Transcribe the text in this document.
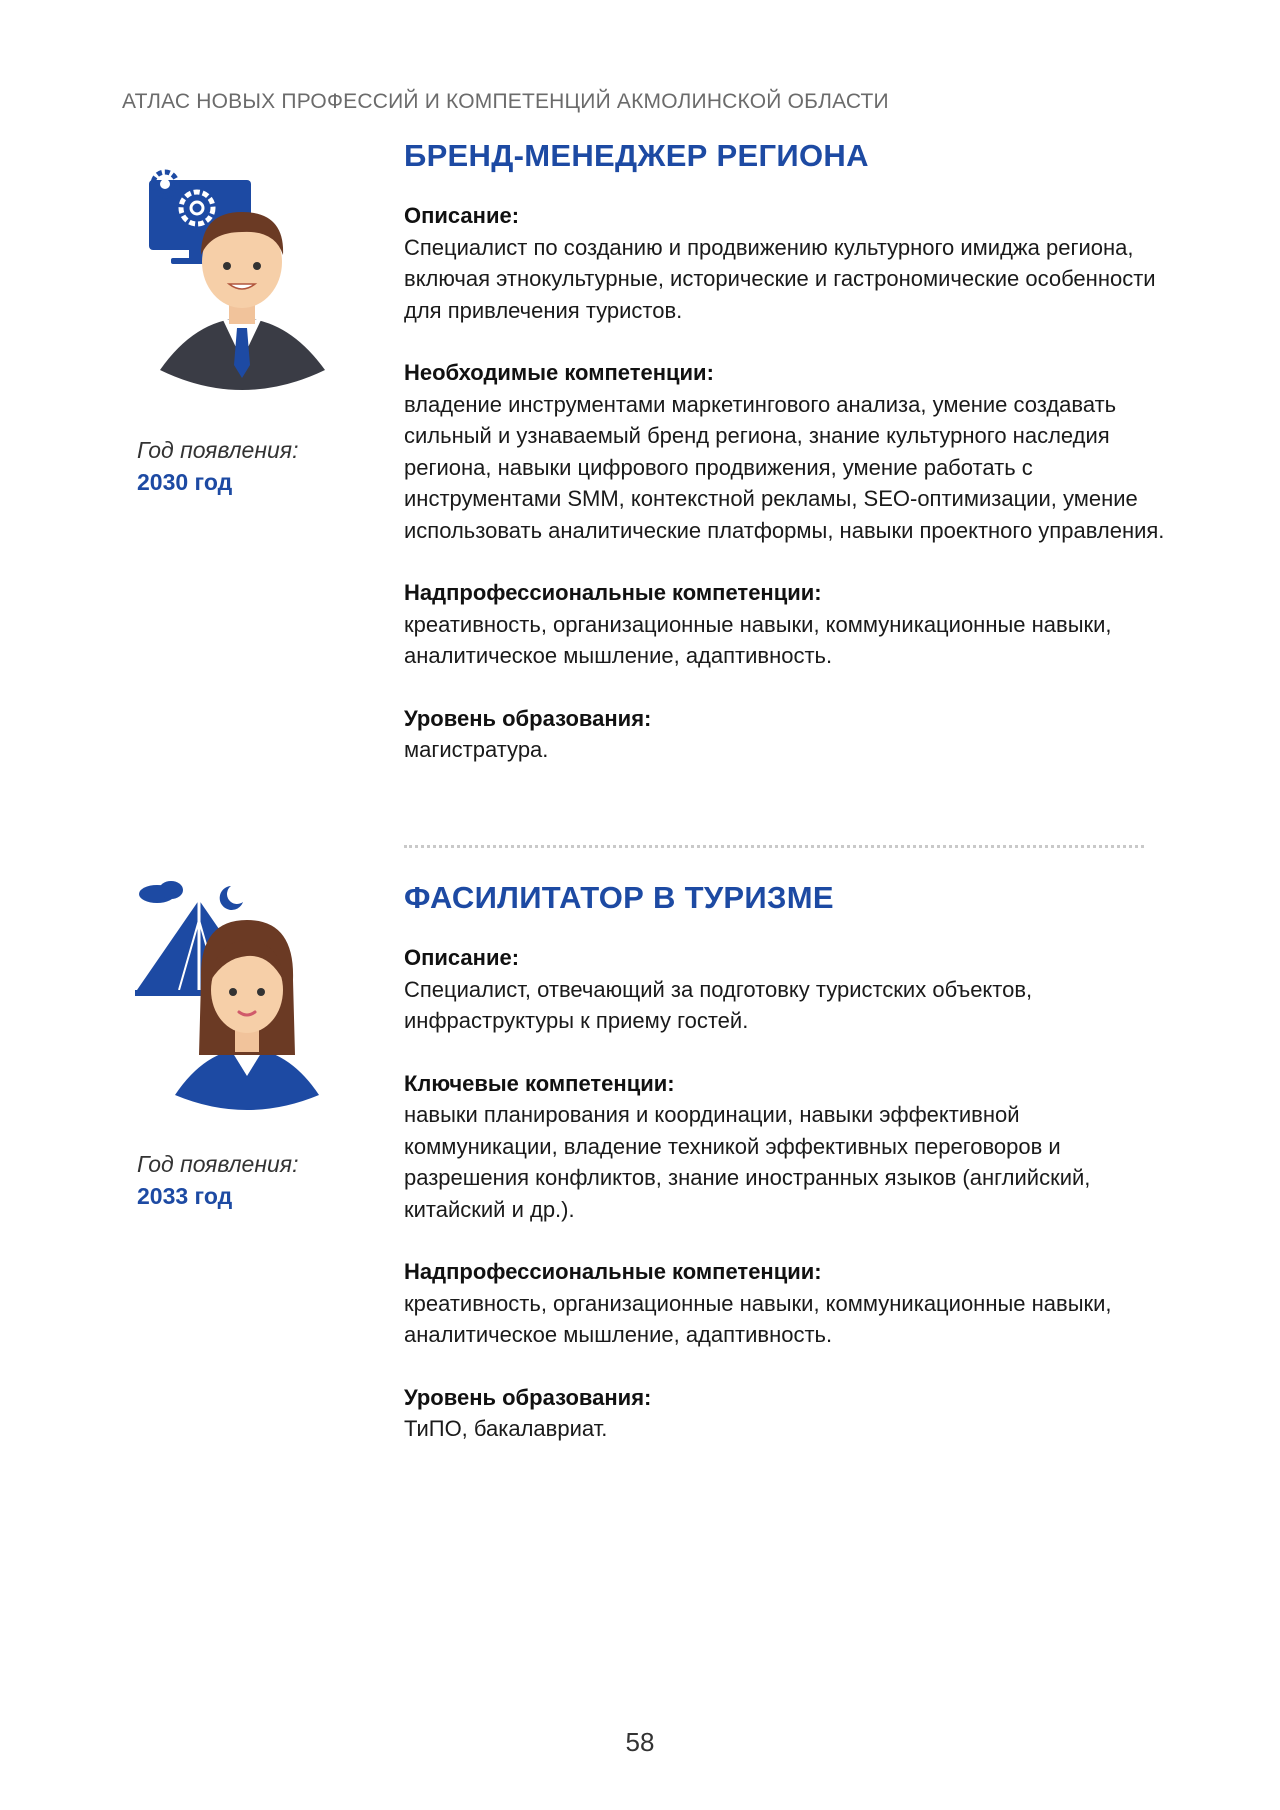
АТЛАС НОВЫХ ПРОФЕССИЙ И КОМПЕТЕНЦИЙ АКМОЛИНСКОЙ ОБЛАСТИ
Год появления:
2030 год
БРЕНД-МЕНЕДЖЕР РЕГИОНА
Описание:
Специалист по созданию и продвижению культурного имиджа региона, включая этнокультурные, исторические и гастрономические особенности для привлечения туристов.
Необходимые компетенции:
владение инструментами маркетингового анализа, умение создавать сильный и узнаваемый бренд региона, знание культурного наследия региона, навыки цифрового продвижения, умение работать с инструментами SMM, контекстной рекламы, SEO-оптимизации, умение использовать аналитические платформы, навыки проектного управления.
Надпрофессиональные компетенции:
креативность, организационные навыки, коммуникационные навыки, аналитическое мышление, адаптивность.
Уровень образования:
магистратура.
Год появления:
2033 год
ФАСИЛИТАТОР В ТУРИЗМЕ
Описание:
Специалист, отвечающий за подготовку туристских объектов, инфраструктуры к приему гостей.
Ключевые компетенции:
навыки планирования и координации, навыки эффективной коммуникации, владение техникой эффективных переговоров и разрешения конфликтов, знание иностранных языков (английский, китайский и др.).
Надпрофессиональные компетенции:
креативность, организационные навыки, коммуникационные навыки, аналитическое мышление, адаптивность.
Уровень образования:
ТиПО, бакалавриат.
58
